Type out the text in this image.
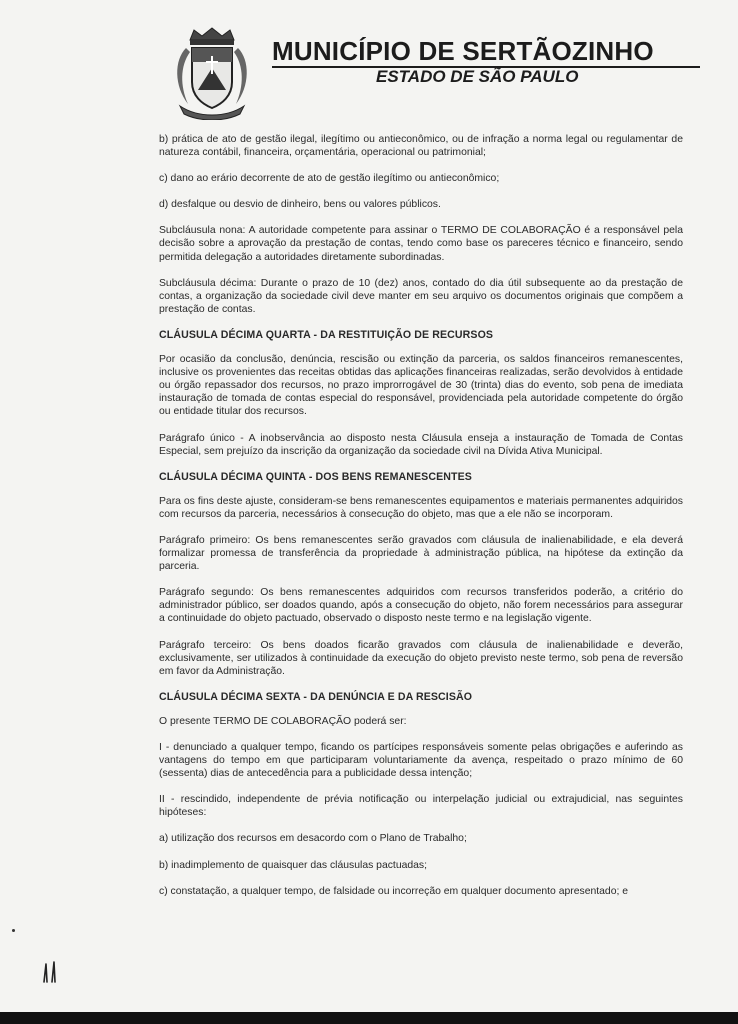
MUNICÍPIO DE SERTÃOZINHO
ESTADO DE SÃO PAULO

b) prática de ato de gestão ilegal, ilegítimo ou antieconômico, ou de infração a norma legal ou regulamentar de natureza contábil, financeira, orçamentária, operacional ou patrimonial;

c) dano ao erário decorrente de ato de gestão ilegítimo ou antieconômico;

d) desfalque ou desvio de dinheiro, bens ou valores públicos.

Subcláusula nona: A autoridade competente para assinar o TERMO DE COLABORAÇÃO é a responsável pela decisão sobre a aprovação da prestação de contas, tendo como base os pareceres técnico e financeiro, sendo permitida delegação a autoridades diretamente subordinadas.

Subcláusula décima: Durante o prazo de 10 (dez) anos, contado do dia útil subsequente ao da prestação de contas, a organização da sociedade civil deve manter em seu arquivo os documentos originais que compõem a prestação de contas.

CLÁUSULA DÉCIMA QUARTA - DA RESTITUIÇÃO DE RECURSOS

Por ocasião da conclusão, denúncia, rescisão ou extinção da parceria, os saldos financeiros remanescentes, inclusive os provenientes das receitas obtidas das aplicações financeiras realizadas, serão devolvidos à entidade ou órgão repassador dos recursos, no prazo improrrogável de 30 (trinta) dias do evento, sob pena de imediata instauração de tomada de contas especial do responsável, providenciada pela autoridade competente do órgão ou entidade titular dos recursos.

Parágrafo único - A inobservância ao disposto nesta Cláusula enseja a instauração de Tomada de Contas Especial, sem prejuízo da inscrição da organização da sociedade civil na Dívida Ativa Municipal.

CLÁUSULA DÉCIMA QUINTA - DOS BENS REMANESCENTES

Para os fins deste ajuste, consideram-se bens remanescentes equipamentos e materiais permanentes adquiridos com recursos da parceria, necessários à consecução do objeto, mas que a ele não se incorporam.

Parágrafo primeiro: Os bens remanescentes serão gravados com cláusula de inalienabilidade, e ela deverá formalizar promessa de transferência da propriedade à administração pública, na hipótese da extinção da parceria.

Parágrafo segundo: Os bens remanescentes adquiridos com recursos transferidos poderão, a critério do administrador público, ser doados quando, após a consecução do objeto, não forem necessários para assegurar a continuidade do objeto pactuado, observado o disposto neste termo e na legislação vigente.

Parágrafo terceiro: Os bens doados ficarão gravados com cláusula de inalienabilidade e deverão, exclusivamente, ser utilizados à continuidade da execução do objeto previsto neste termo, sob pena de reversão em favor da Administração.

CLÁUSULA DÉCIMA SEXTA - DA DENÚNCIA E DA RESCISÃO

O presente TERMO DE COLABORAÇÃO poderá ser:

I - denunciado a qualquer tempo, ficando os partícipes responsáveis somente pelas obrigações e auferindo as vantagens do tempo em que participaram voluntariamente da avença, respeitado o prazo mínimo de 60 (sessenta) dias de antecedência para a publicidade dessa intenção;

II - rescindido, independente de prévia notificação ou interpelação judicial ou extrajudicial, nas seguintes hipóteses:

a) utilização dos recursos em desacordo com o Plano de Trabalho;

b) inadimplemento de quaisquer das cláusulas pactuadas;

c) constatação, a qualquer tempo, de falsidade ou incorreção em qualquer documento apresentado; e
